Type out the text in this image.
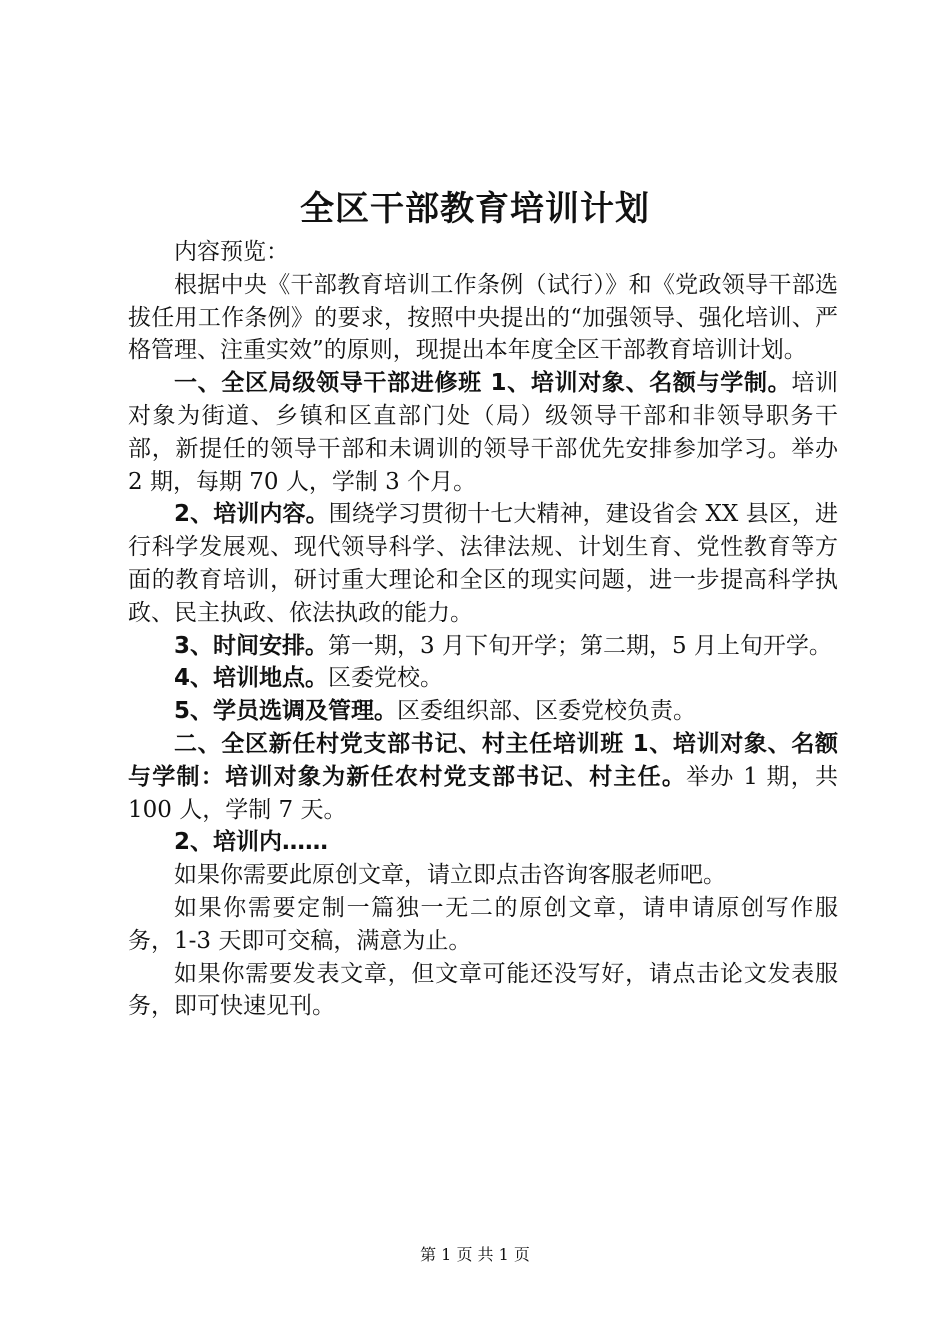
全区干部教育培训计划

内容预览：

根据中央《干部教育培训工作条例（试行）》和《党政领导干部选拔任用工作条例》的要求，按照中央提出的“加强领导、强化培训、严格管理、注重实效”的原则，现提出本年度全区干部教育培训计划。

一、全区局级领导干部进修班 1、培训对象、名额与学制。培训对象为街道、乡镇和区直部门处（局）级领导干部和非领导职务干部，新提任的领导干部和未调训的领导干部优先安排参加学习。举办 2 期，每期 70 人，学制 3 个月。

2、培训内容。围绕学习贯彻十七大精神，建设省会 XX 县区，进行科学发展观、现代领导科学、法律法规、计划生育、党性教育等方面的教育培训，研讨重大理论和全区的现实问题，进一步提高科学执政、民主执政、依法执政的能力。

3、时间安排。第一期，3 月下旬开学；第二期，5 月上旬开学。

4、培训地点。区委党校。

5、学员选调及管理。区委组织部、区委党校负责。

二、全区新任村党支部书记、村主任培训班 1、培训对象、名额与学制：培训对象为新任农村党支部书记、村主任。举办 1 期，共 100 人，学制 7 天。

2、培训内……

如果你需要此原创文章，请立即点击咨询客服老师吧。

如果你需要定制一篇独一无二的原创文章，请申请原创写作服务，1-3 天即可交稿，满意为止。

如果你需要发表文章，但文章可能还没写好，请点击论文发表服务，即可快速见刊。

第 1 页 共 1 页
